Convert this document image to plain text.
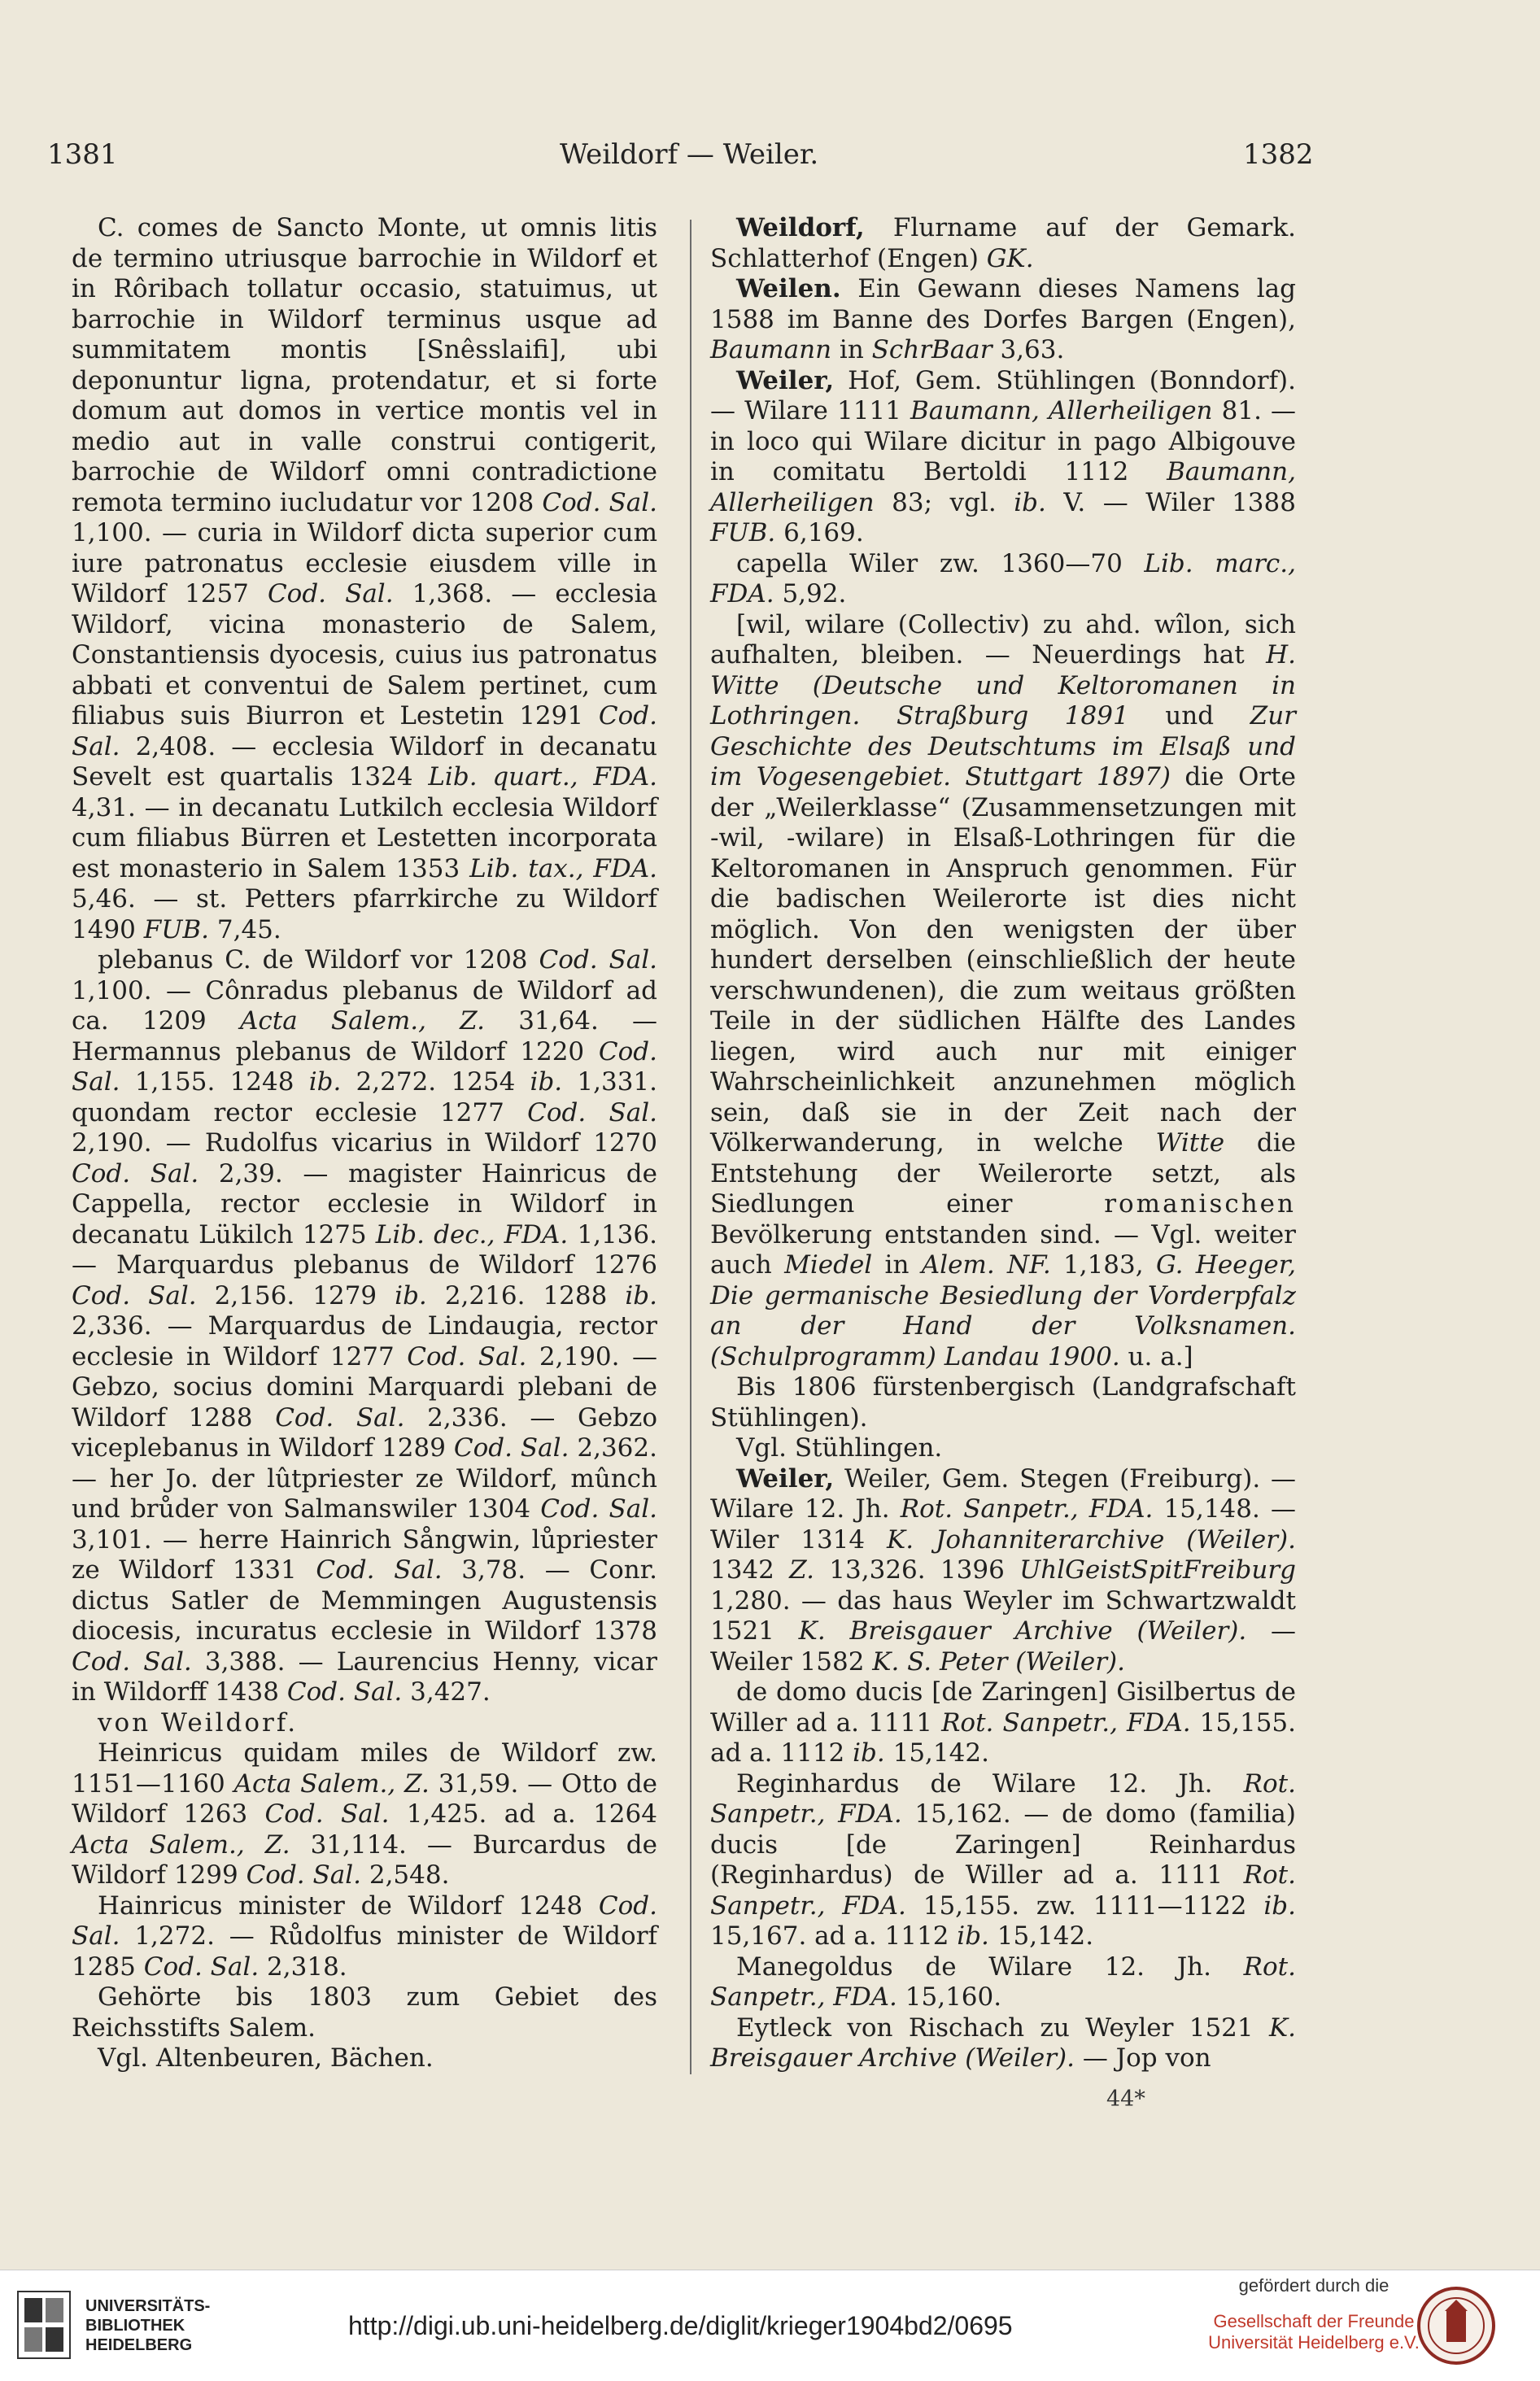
1381	Weildorf — Weiler.	1382

C. comes de Sancto Monte, ut omnis litis de termino utriusque barrochie in Wildorf et in Rôribach tollatur occasio, statuimus, ut barrochie in Wildorf terminus usque ad summitatem montis [Snêsslaifi], ubi deponuntur ligna, protendatur, et si forte domum aut domos in vertice montis vel in medio aut in valle construi contigerit, barrochie de Wildorf omni contradictione remota termino iucludatur vor 1208 Cod. Sal. 1,100. — curia in Wildorf dicta superior cum iure patronatus ecclesie eiusdem ville in Wildorf 1257 Cod. Sal. 1,368. — ecclesia Wildorf, vicina monasterio de Salem, Constantiensis dyocesis, cuius ius patronatus abbati et conventui de Salem pertinet, cum filiabus suis Biurron et Lestetin 1291 Cod. Sal. 2,408. — ecclesia Wildorf in decanatu Sevelt est quartalis 1324 Lib. quart., FDA. 4,31. — in decanatu Lutkilch ecclesia Wildorf cum filiabus Bürren et Lestetten incorporata est monasterio in Salem 1353 Lib. tax., FDA. 5,46. — st. Petters pfarrkirche zu Wildorf 1490 FUB. 7,45.

plebanus C. de Wildorf vor 1208 Cod. Sal. 1,100. — Cônradus plebanus de Wildorf ad ca. 1209 Acta Salem., Z. 31,64. — Hermannus plebanus de Wildorf 1220 Cod. Sal. 1,155. 1248 ib. 2,272. 1254 ib. 1,331. quondam rector ecclesie 1277 Cod. Sal. 2,190. — Rudolfus vicarius in Wildorf 1270 Cod. Sal. 2,39. — magister Hainricus de Cappella, rector ecclesie in Wildorf in decanatu Lükilch 1275 Lib. dec., FDA. 1,136. — Marquardus plebanus de Wildorf 1276 Cod. Sal. 2,156. 1279 ib. 2,216. 1288 ib. 2,336. — Marquardus de Lindaugia, rector ecclesie in Wildorf 1277 Cod. Sal. 2,190. — Gebzo, socius domini Marquardi plebani de Wildorf 1288 Cod. Sal. 2,336. — Gebzo viceplebanus in Wildorf 1289 Cod. Sal. 2,362. — her Jo. der lûtpriester ze Wildorf, mûnch und brůder von Salmanswiler 1304 Cod. Sal. 3,101. — herre Hainrich Sångwin, lůpriester ze Wildorf 1331 Cod. Sal. 3,78. — Conr. dictus Satler de Memmingen Augustensis diocesis, incuratus ecclesie in Wildorf 1378 Cod. Sal. 3,388. — Laurencius Henny, vicar in Wildorff 1438 Cod. Sal. 3,427.

von Weildorf.

Heinricus quidam miles de Wildorf zw. 1151—1160 Acta Salem., Z. 31,59. — Otto de Wildorf 1263 Cod. Sal. 1,425. ad a. 1264 Acta Salem., Z. 31,114. — Burcardus de Wildorf 1299 Cod. Sal. 2,548.

Hainricus minister de Wildorf 1248 Cod. Sal. 1,272. — Růdolfus minister de Wildorf 1285 Cod. Sal. 2,318.

Gehörte bis 1803 zum Gebiet des Reichsstifts Salem.

Vgl. Altenbeuren, Bächen.

Weildorf, Flurname auf der Gemark. Schlatterhof (Engen) GK.

Weilen. Ein Gewann dieses Namens lag 1588 im Banne des Dorfes Bargen (Engen), Baumann in SchrBaar 3,63.

Weiler, Hof, Gem. Stühlingen (Bonndorf). — Wilare 1111 Baumann, Allerheiligen 81. — in loco qui Wilare dicitur in pago Albigouve in comitatu Bertoldi 1112 Baumann, Allerheiligen 83; vgl. ib. V. — Wiler 1388 FUB. 6,169.

capella Wiler zw. 1360—70 Lib. marc., FDA. 5,92.

[wil, wilare (Collectiv) zu ahd. wîlon, sich aufhalten, bleiben. — Neuerdings hat H. Witte (Deutsche und Keltoromanen in Lothringen. Straßburg 1891 und Zur Geschichte des Deutschtums im Elsaß und im Vogesengebiet. Stuttgart 1897) die Orte der „Weilerklasse“ (Zusammensetzungen mit -wil, -wilare) in Elsaß-Lothringen für die Keltoromanen in Anspruch genommen. Für die badischen Weilerorte ist dies nicht möglich. Von den wenigsten der über hundert derselben (einschließlich der heute verschwundenen), die zum weitaus größten Teile in der südlichen Hälfte des Landes liegen, wird auch nur mit einiger Wahrscheinlichkeit anzunehmen möglich sein, daß sie in der Zeit nach der Völkerwanderung, in welche Witte die Entstehung der Weilerorte setzt, als Siedlungen einer romanischen Bevölkerung entstanden sind. — Vgl. weiter auch Miedel in Alem. NF. 1,183, G. Heeger, Die germanische Besiedlung der Vorderpfalz an der Hand der Volksnamen. (Schulprogramm) Landau 1900. u. a.]

Bis 1806 fürstenbergisch (Landgrafschaft Stühlingen).

Vgl. Stühlingen.

Weiler, Weiler, Gem. Stegen (Freiburg). — Wilare 12. Jh. Rot. Sanpetr., FDA. 15,148. — Wiler 1314 K. Johanniterarchive (Weiler). 1342 Z. 13,326. 1396 UhlGeistSpitFreiburg 1,280. — das haus Weyler im Schwartzwaldt 1521 K. Breisgauer Archive (Weiler). — Weiler 1582 K. S. Peter (Weiler).

de domo ducis [de Zaringen] Gisilbertus de Willer ad a. 1111 Rot. Sanpetr., FDA. 15,155. ad a. 1112 ib. 15,142.

Reginhardus de Wilare 12. Jh. Rot. Sanpetr., FDA. 15,162. — de domo (familia) ducis [de Zaringen] Reinhardus (Reginhardus) de Willer ad a. 1111 Rot. Sanpetr., FDA. 15,155. zw. 1111—1122 ib. 15,167. ad a. 1112 ib. 15,142.

Manegoldus de Wilare 12. Jh. Rot. Sanpetr., FDA. 15,160.

Eytleck von Rischach zu Weyler 1521 K. Breisgauer Archive (Weiler). — Jop von

44*
UNIVERSITÄTS-
BIBLIOTHEK
HEIDELBERG
http://digi.ub.uni-heidelberg.de/diglit/krieger1904bd2/0695
gefördert durch die
Gesellschaft der Freunde
Universität Heidelberg e.V.
